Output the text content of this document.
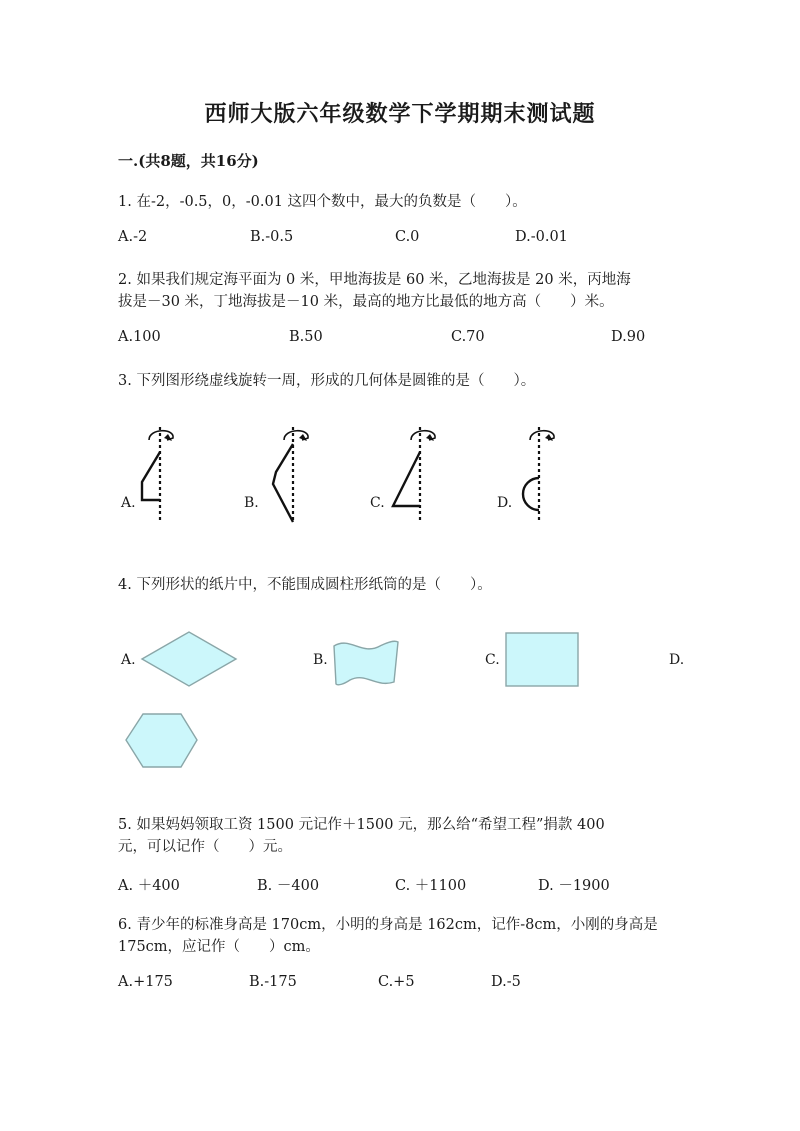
西师大版六年级数学下学期期末测试题
一.(共8题，共16分)
1. 在-2，-0.5，0，-0.01 这四个数中，最大的负数是（　　）。
A.-2	B.-0.5	C.0	D.-0.01
2. 如果我们规定海平面为 0 米，甲地海拔是 60 米，乙地海拔是 20 米，丙地海
拔是－30 米，丁地海拔是－10 米，最高的地方比最低的地方高（　　）米。
A.100	B.50	C.70	D.90
3. 下列图形绕虚线旋转一周，形成的几何体是圆锥的是（　　）。
A.	B.	C.	D.
4. 下列形状的纸片中，不能围成圆柱形纸筒的是（　　）。
A.	B.	C.	D.
5. 如果妈妈领取工资 1500 元记作＋1500 元，那么给“希望工程”捐款 400
元，可以记作（　　）元。
A. ＋400	B. －400	C. ＋1100	D. －1900
6. 青少年的标准身高是 170cm，小明的身高是 162cm，记作-8cm，小刚的身高是
175cm，应记作（　　）cm。
A.+175	B.-175	C.+5	D.-5
